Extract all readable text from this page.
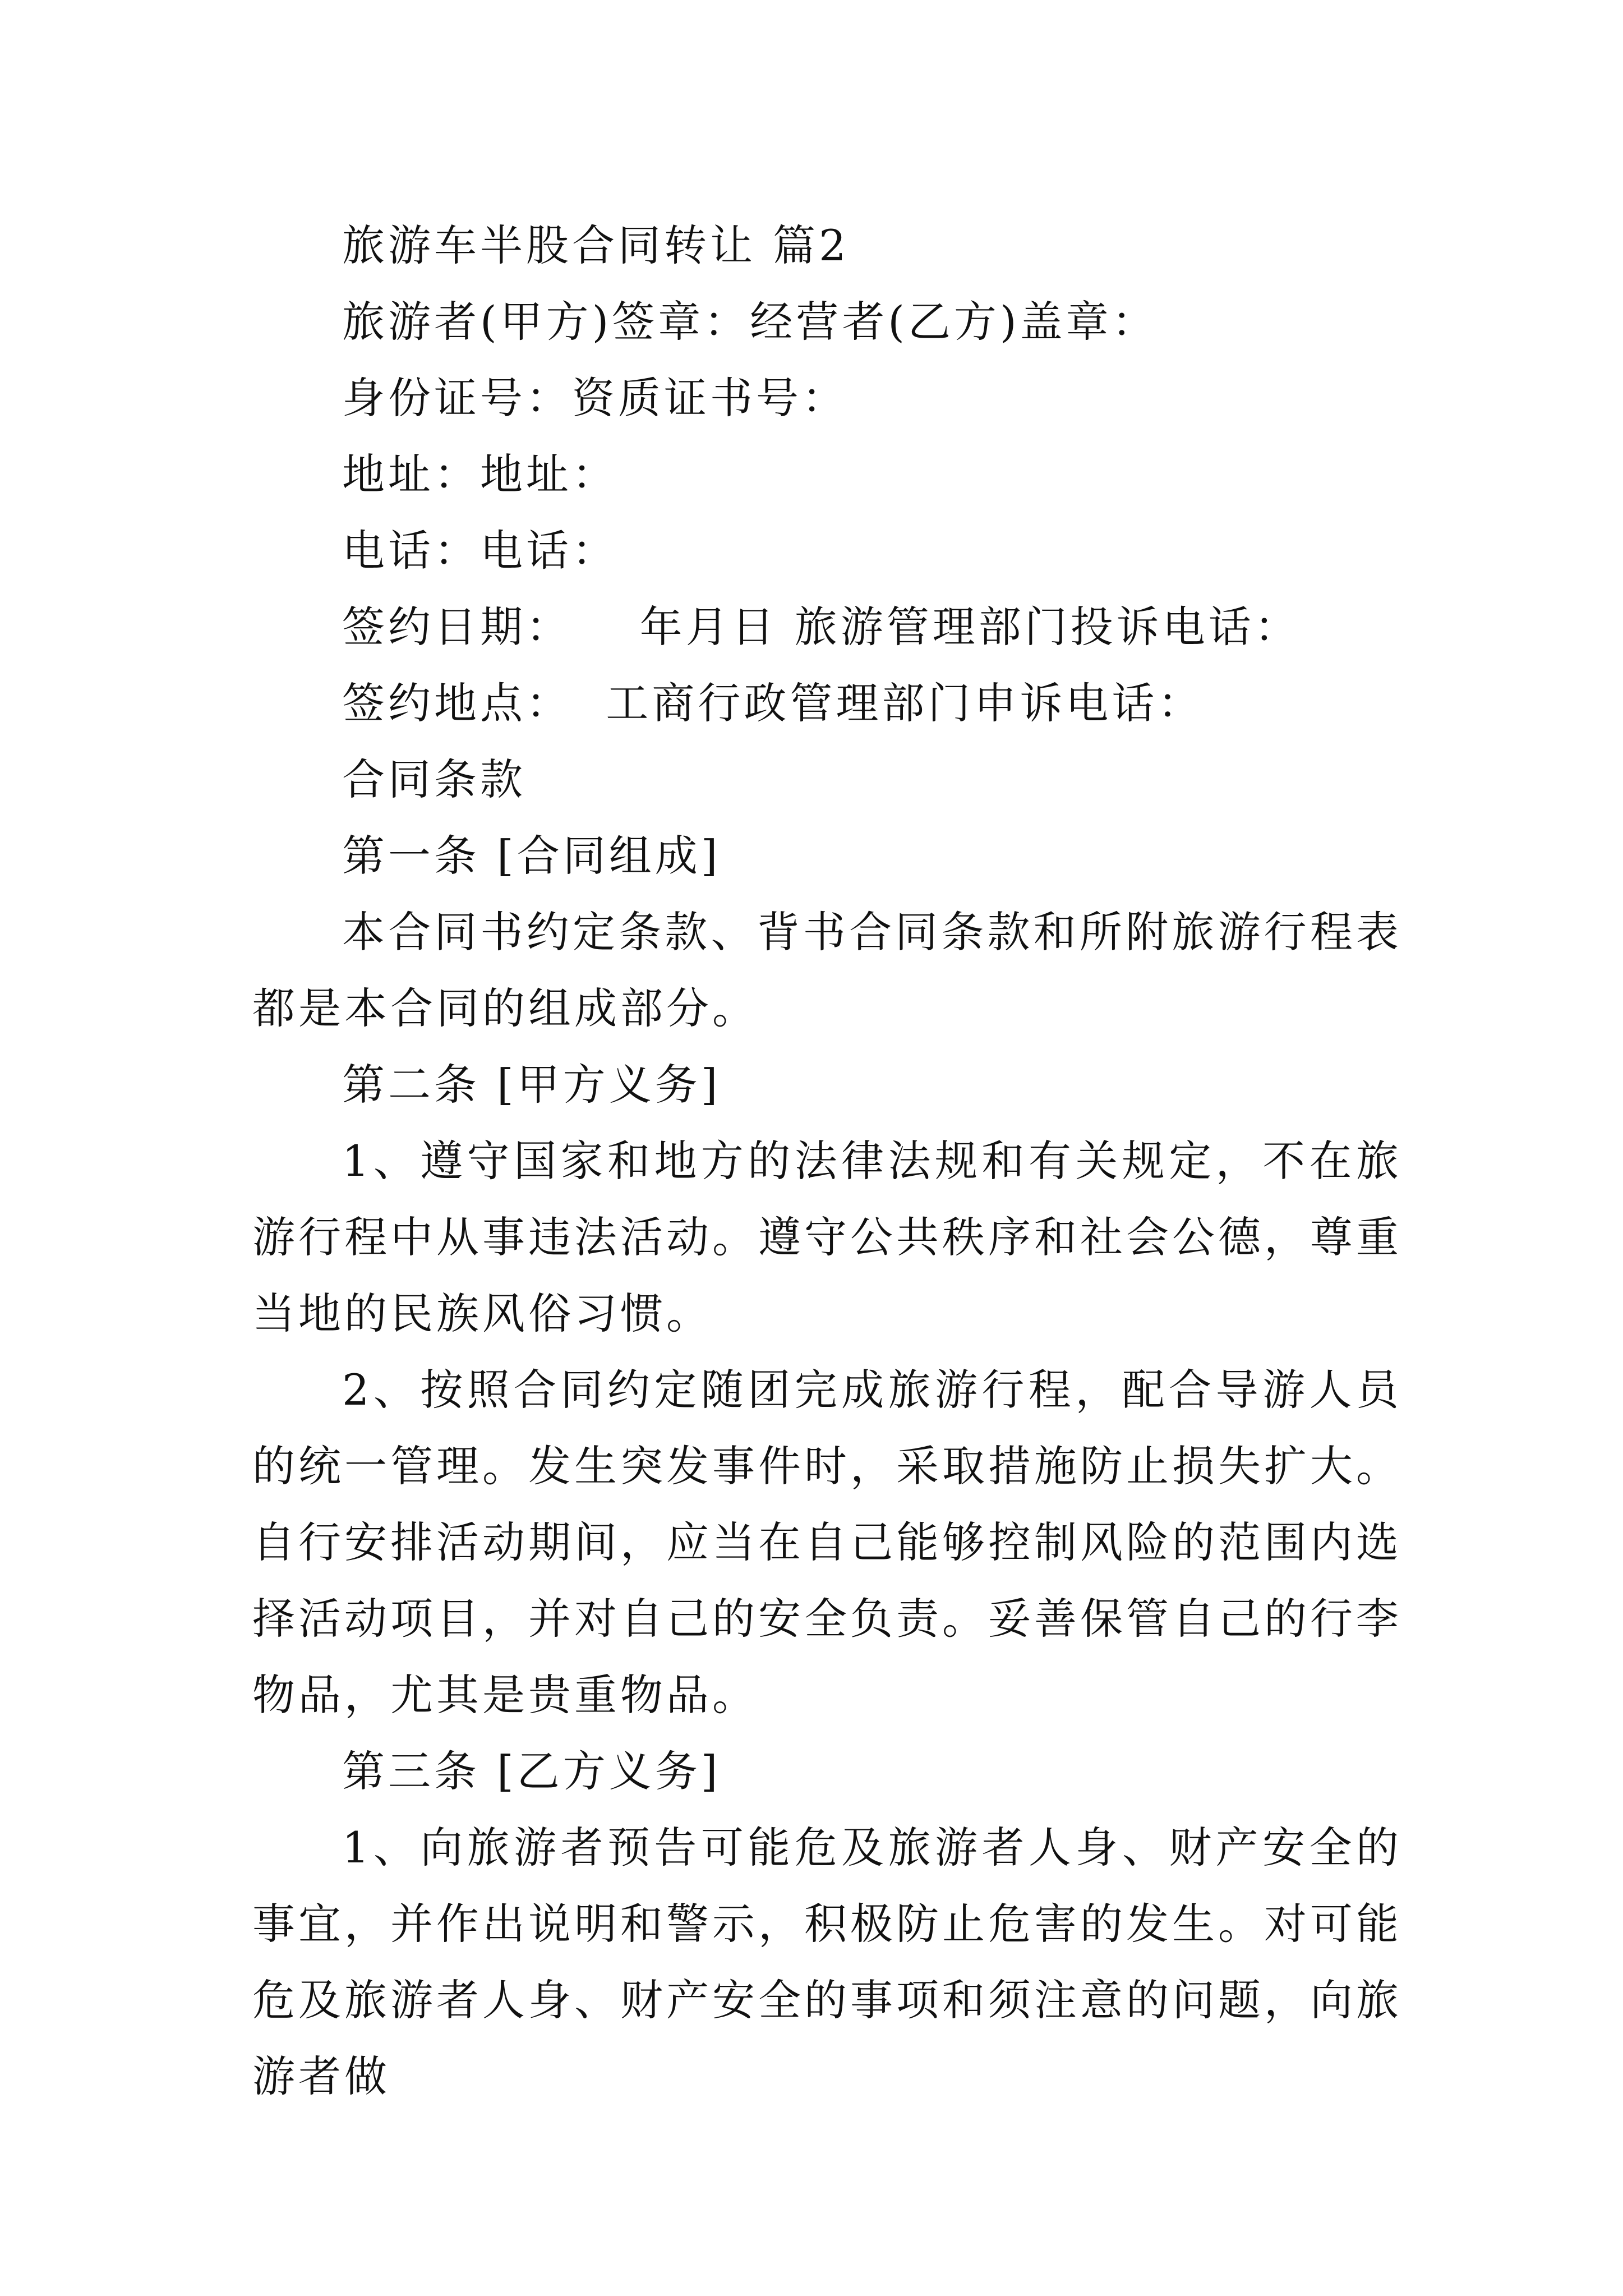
旅游车半股合同转让 篇2

旅游者(甲方)签章：经营者(乙方)盖章：

身份证号：资质证书号：

地址：地址：

电话：电话：

签约日期：    年月日 旅游管理部门投诉电话：

签约地点：  工商行政管理部门申诉电话：

合同条款

第一条 [合同组成]

本合同书约定条款、背书合同条款和所附旅游行程表都是本合同的组成部分。

第二条 [甲方义务]

1、遵守国家和地方的法律法规和有关规定，不在旅游行程中从事违法活动。遵守公共秩序和社会公德，尊重当地的民族风俗习惯。

2、按照合同约定随团完成旅游行程，配合导游人员的统一管理。发生突发事件时，采取措施防止损失扩大。自行安排活动期间，应当在自己能够控制风险的范围内选择活动项目，并对自己的安全负责。妥善保管自己的行李物品，尤其是贵重物品。

第三条 [乙方义务]

1、向旅游者预告可能危及旅游者人身、财产安全的事宜，并作出说明和警示，积极防止危害的发生。对可能危及旅游者人身、财产安全的事项和须注意的问题，向旅游者做
